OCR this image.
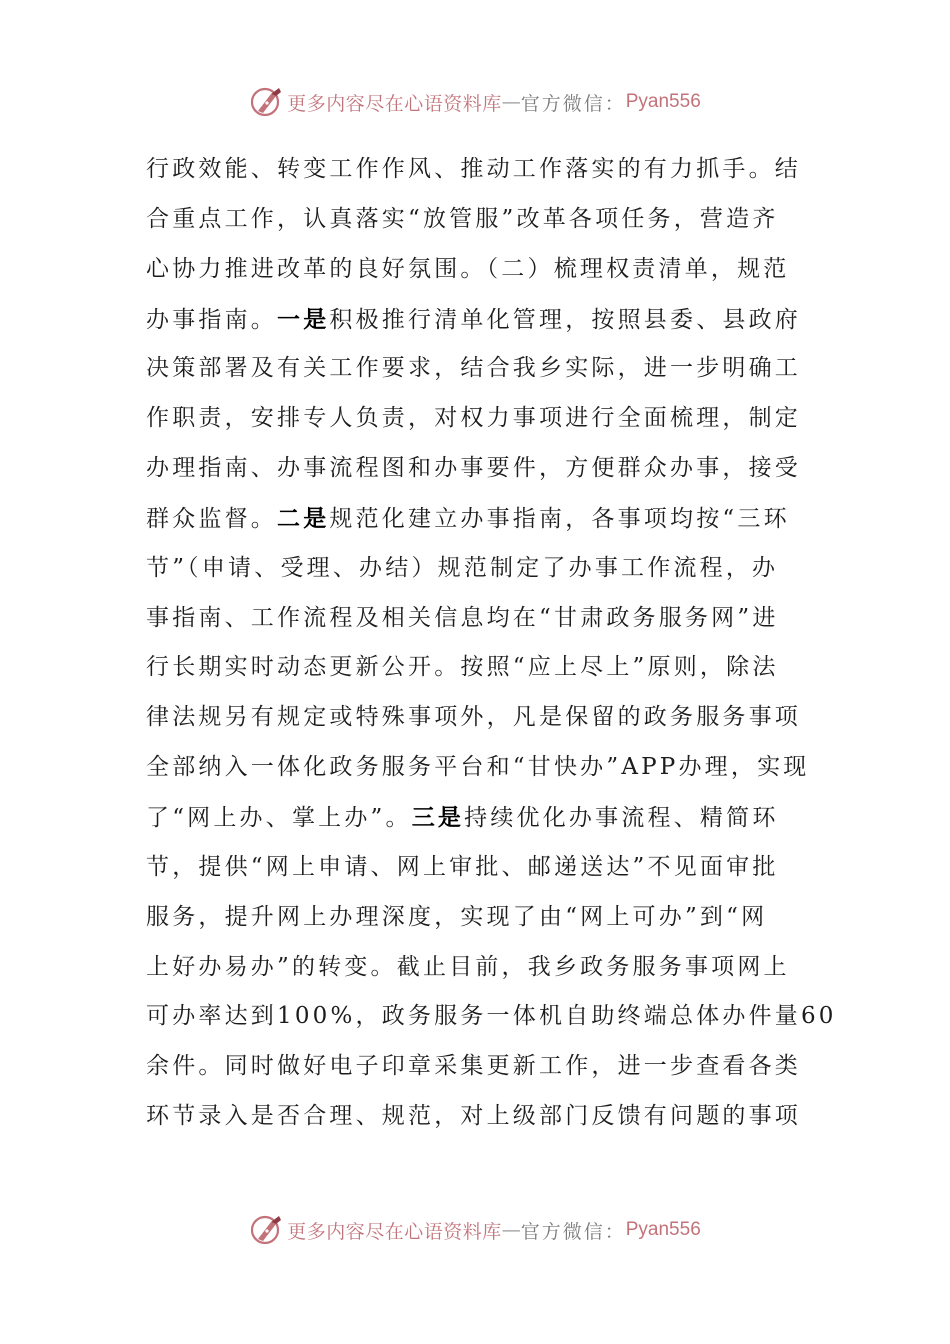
更多内容尽在心语资料库 — 官方微信： Pyan556
行政效能、转变工作作风、推动工作落实的有力抓手。结
合重点工作，认真落实“放管服”改革各项任务，营造齐
心协力推进改革的良好氛围。（二）梳理权责清单，规范
办事指南。一是积极推行清单化管理，按照县委、县政府
决策部署及有关工作要求，结合我乡实际，进一步明确工
作职责，安排专人负责，对权力事项进行全面梳理，制定
办理指南、办事流程图和办事要件，方便群众办事，接受
群众监督。二是规范化建立办事指南，各事项均按“三环
节”（申请、受理、办结）规范制定了办事工作流程，办
事指南、工作流程及相关信息均在“甘肃政务服务网”进
行长期实时动态更新公开。按照“应上尽上”原则，除法
律法规另有规定或特殊事项外，凡是保留的政务服务事项
全部纳入一体化政务服务平台和“甘快办”APP办理，实现
了“网上办、掌上办”。三是持续优化办事流程、精简环
节，提供“网上申请、网上审批、邮递送达”不见面审批
服务，提升网上办理深度，实现了由“网上可办”到“网
上好办易办”的转变。截止目前，我乡政务服务事项网上
可办率达到100%，政务服务一体机自助终端总体办件量60
余件。同时做好电子印章采集更新工作，进一步查看各类
环节录入是否合理、规范，对上级部门反馈有问题的事项
更多内容尽在心语资料库 — 官方微信： Pyan556
